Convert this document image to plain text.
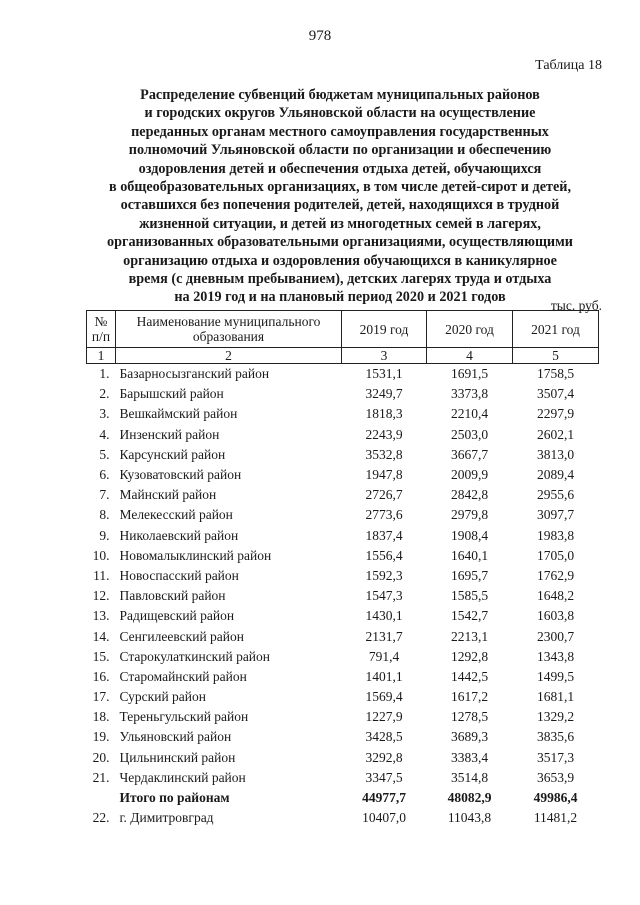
978
Таблица 18
Распределение субвенций бюджетам муниципальных районов
и городских округов Ульяновской области на осуществление
переданных органам местного самоуправления государственных
полномочий Ульяновской области по организации и обеспечению
оздоровления детей и обеспечения отдыха детей, обучающихся
в общеобразовательных организациях, в том числе детей-сирот и детей,
оставшихся без попечения родителей, детей, находящихся в трудной
жизненной ситуации, и детей из многодетных семей в лагерях,
организованных образовательными организациями, осуществляющими
организацию отдыха и оздоровления обучающихся в каникулярное
время (с дневным пребыванием), детских лагерях труда и отдыха
на 2019 год и на плановый период 2020 и 2021 годов
тыс. руб.
№ п/п	Наименование муниципального образования	2019 год	2020 год	2021 год
1	2	3	4	5
1.	Базарносызганский район	1531,1	1691,5	1758,5
2.	Барышский район	3249,7	3373,8	3507,4
3.	Вешкаймский район	1818,3	2210,4	2297,9
4.	Инзенский район	2243,9	2503,0	2602,1
5.	Карсунский район	3532,8	3667,7	3813,0
6.	Кузоватовский район	1947,8	2009,9	2089,4
7.	Майнский район	2726,7	2842,8	2955,6
8.	Мелекесский район	2773,6	2979,8	3097,7
9.	Николаевский район	1837,4	1908,4	1983,8
10.	Новомалыклинский район	1556,4	1640,1	1705,0
11.	Новоспасский район	1592,3	1695,7	1762,9
12.	Павловский район	1547,3	1585,5	1648,2
13.	Радищевский район	1430,1	1542,7	1603,8
14.	Сенгилеевский район	2131,7	2213,1	2300,7
15.	Старокулаткинский район	791,4	1292,8	1343,8
16.	Старомайнский район	1401,1	1442,5	1499,5
17.	Сурский район	1569,4	1617,2	1681,1
18.	Тереньгульский район	1227,9	1278,5	1329,2
19.	Ульяновский район	3428,5	3689,3	3835,6
20.	Цильнинский район	3292,8	3383,4	3517,3
21.	Чердаклинский район	3347,5	3514,8	3653,9
	Итого по районам	44977,7	48082,9	49986,4
22.	г. Димитровград	10407,0	11043,8	11481,2
